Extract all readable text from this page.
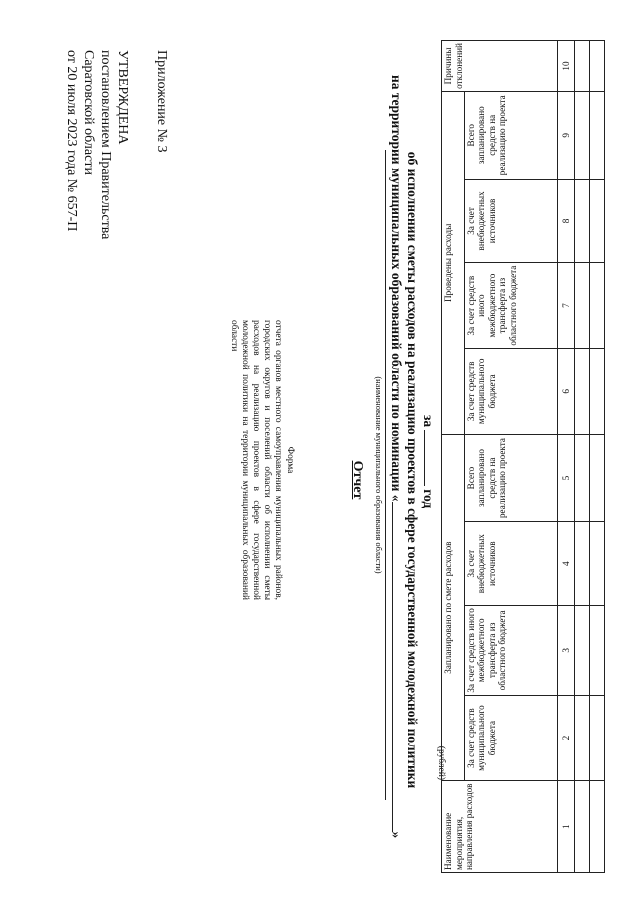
Приложение № 3
УТВЕРЖДЕНА
постановлением Правительства
Саратовской области
от 20 июля 2023 года № 657-П
Форма
отчета органов местного самоуправления муниципальных районов, городских округов и поселений области об исполнении сметы расходов на реализацию проектов в сфере государственной молодежной политики на территории муниципальных образований области
Отчет (наименование муниципального образования области) об исполнении сметы расходов на реализацию проектов в сфере государственной молодежной политики
на территории муниципальных образований области по номинации «»
загод
(рублей)
Наименование мероприятия, направления расходов	Запланировано по смете расходов				Проведены расходы				Причины отклонений
	За счет средств муниципального бюджета	За счет средств иного межбюджетного трансферта из областного бюджета	За счет внебюджетных источников	Всего запланировано средств на реализацию проекта	За счет средств муниципального бюджета	За счет средств иного межбюджетного трансферта из областного бюджета	За счет внебюджетных источников	Всего запланировано средств на реализацию проекта	
1	2	3	4	5	6	7	8	9	10
